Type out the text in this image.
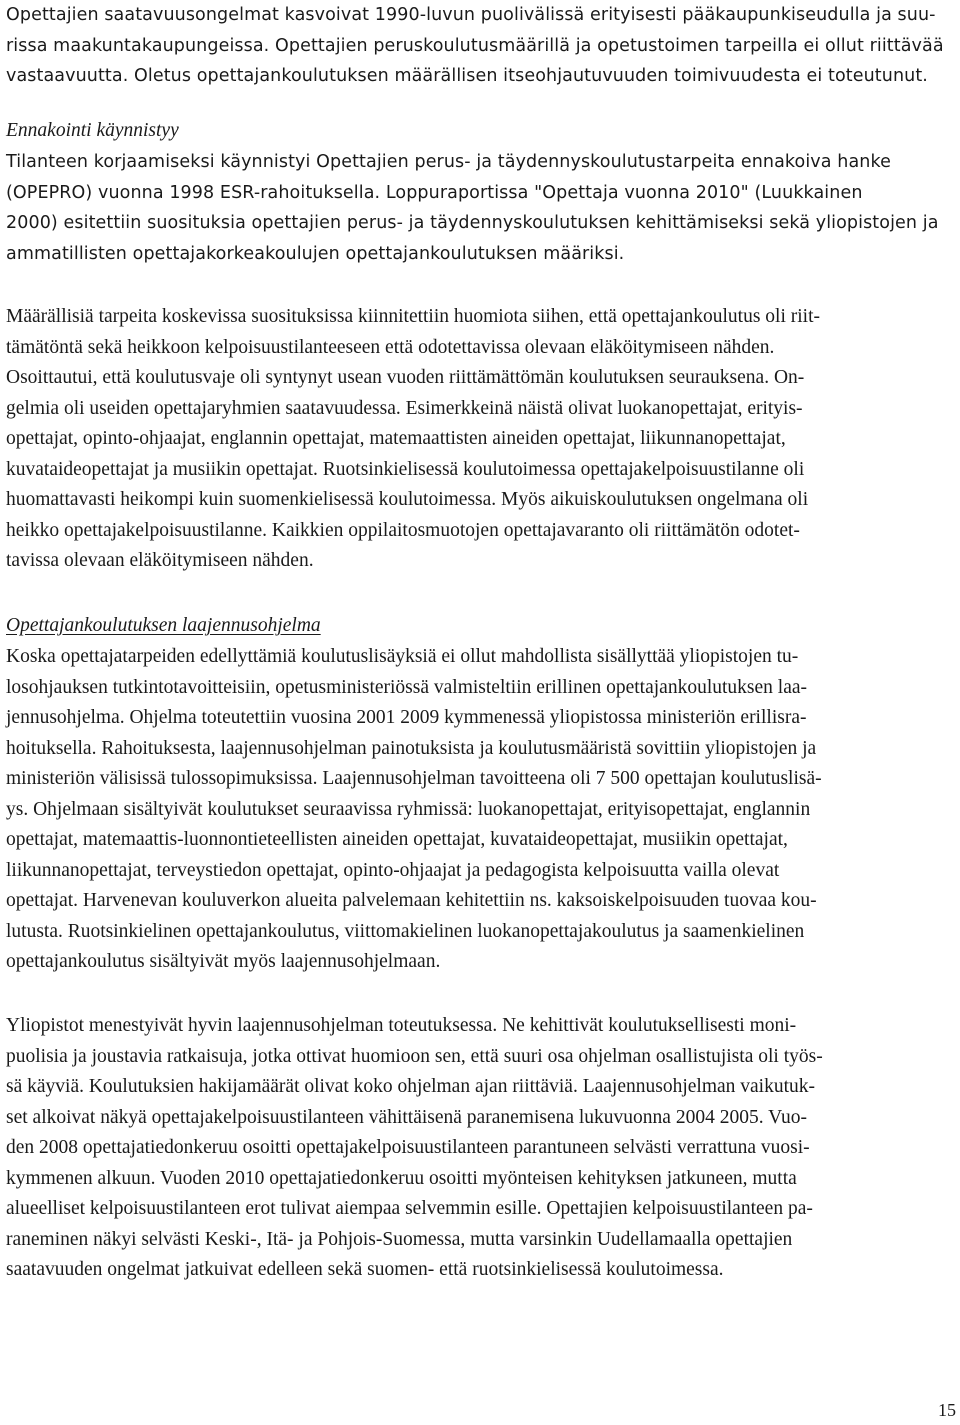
Opettajien saatavuusongelmat kasvoivat 1990-luvun puolivälissä erityisesti pääkaupunkiseudulla ja suu-
rissa maakuntakaupungeissa. Opettajien peruskoulutusmäärillä ja opetustoimen tarpeilla ei ollut riittävää
vastaavuutta. Oletus opettajankoulutuksen määrällisen itseohjautuvuuden toimivuudesta ei toteutunut.
Ennakointi käynnistyy
Tilanteen korjaamiseksi käynnistyi Opettajien perus- ja täydennyskoulutustarpeita ennakoiva hanke
(OPEPRO) vuonna 1998 ESR-rahoituksella. Loppuraportissa "Opettaja vuonna 2010" (Luukkainen
2000) esitettiin suosituksia opettajien perus- ja täydennyskoulutuksen kehittämiseksi sekä yliopistojen ja
ammatillisten opettajakorkeakoulujen opettajankoulutuksen määriksi.
Määrällisiä tarpeita koskevissa suosituksissa kiinnitettiin huomiota siihen, että opettajankoulutus oli riit-
tämätöntä sekä heikkoon kelpoisuustilanteeseen että odotettavissa olevaan eläköitymiseen nähden.
Osoittautui, että koulutusvaje oli syntynyt usean vuoden riittämättömän koulutuksen seurauksena. On-
gelmia oli useiden opettajaryhmien saatavuudessa. Esimerkkeinä näistä olivat luokanopettajat, erityis-
opettajat, opinto-ohjaajat, englannin opettajat, matemaattisten aineiden opettajat, liikunnanopettajat,
kuvataideopettajat ja musiikin opettajat. Ruotsinkielisessä koulutoimessa opettajakelpoisuustilanne oli
huomattavasti heikompi kuin suomenkielisessä koulutoimessa. Myös aikuiskoulutuksen ongelmana oli
heikko opettajakelpoisuustilanne. Kaikkien oppilaitosmuotojen opettajavaranto oli riittämätön odotet-
tavissa olevaan eläköitymiseen nähden.
Opettajankoulutuksen laajennusohjelma
Koska opettajatarpeiden edellyttämiä koulutuslisäyksiä ei ollut mahdollista sisällyttää yliopistojen tu-
losohjauksen tutkintotavoitteisiin, opetusministeriössä valmisteltiin erillinen opettajankoulutuksen laa-
jennusohjelma. Ohjelma toteutettiin vuosina 2001 2009 kymmenessä yliopistossa ministeriön erillisra-
hoituksella. Rahoituksesta, laajennusohjelman painotuksista ja koulutusmääristä sovittiin yliopistojen ja
ministeriön välisissä tulossopimuksissa. Laajennusohjelman tavoitteena oli 7 500 opettajan koulutuslisä-
ys. Ohjelmaan sisältyivät koulutukset seuraavissa ryhmissä: luokanopettajat, erityisopettajat, englannin
opettajat, matemaattis-luonnontieteellisten aineiden opettajat, kuvataideopettajat, musiikin opettajat,
liikunnanopettajat, terveystiedon opettajat, opinto-ohjaajat ja pedagogista kelpoisuutta vailla olevat
opettajat. Harvenevan kouluverkon alueita palvelemaan kehitettiin ns. kaksoiskelpoisuuden tuovaa kou-
lutusta. Ruotsinkielinen opettajankoulutus, viittomakielinen luokanopettajakoulutus ja saamenkielinen
opettajankoulutus sisältyivät myös laajennusohjelmaan.
Yliopistot menestyivät hyvin laajennusohjelman toteutuksessa. Ne kehittivät koulutuksellisesti moni-
puolisia ja joustavia ratkaisuja, jotka ottivat huomioon sen, että suuri osa ohjelman osallistujista oli työs-
sä käyviä. Koulutuksien hakijamäärät olivat koko ohjelman ajan riittäviä. Laajennusohjelman vaikutuk-
set alkoivat näkyä opettajakelpoisuustilanteen vähittäisenä paranemisena lukuvuonna 2004 2005. Vuo-
den 2008 opettajatiedonkeruu osoitti opettajakelpoisuustilanteen parantuneen selvästi verrattuna vuosi-
kymmenen alkuun. Vuoden 2010 opettajatiedonkeruu osoitti myönteisen kehityksen jatkuneen, mutta
alueelliset kelpoisuustilanteen erot tulivat aiempaa selvemmin esille. Opettajien kelpoisuustilanteen pa-
raneminen näkyi selvästi Keski-, Itä- ja Pohjois-Suomessa, mutta varsinkin Uudellamaalla opettajien
saatavuuden ongelmat jatkuivat edelleen sekä suomen- että ruotsinkielisessä koulutoimessa.
15
